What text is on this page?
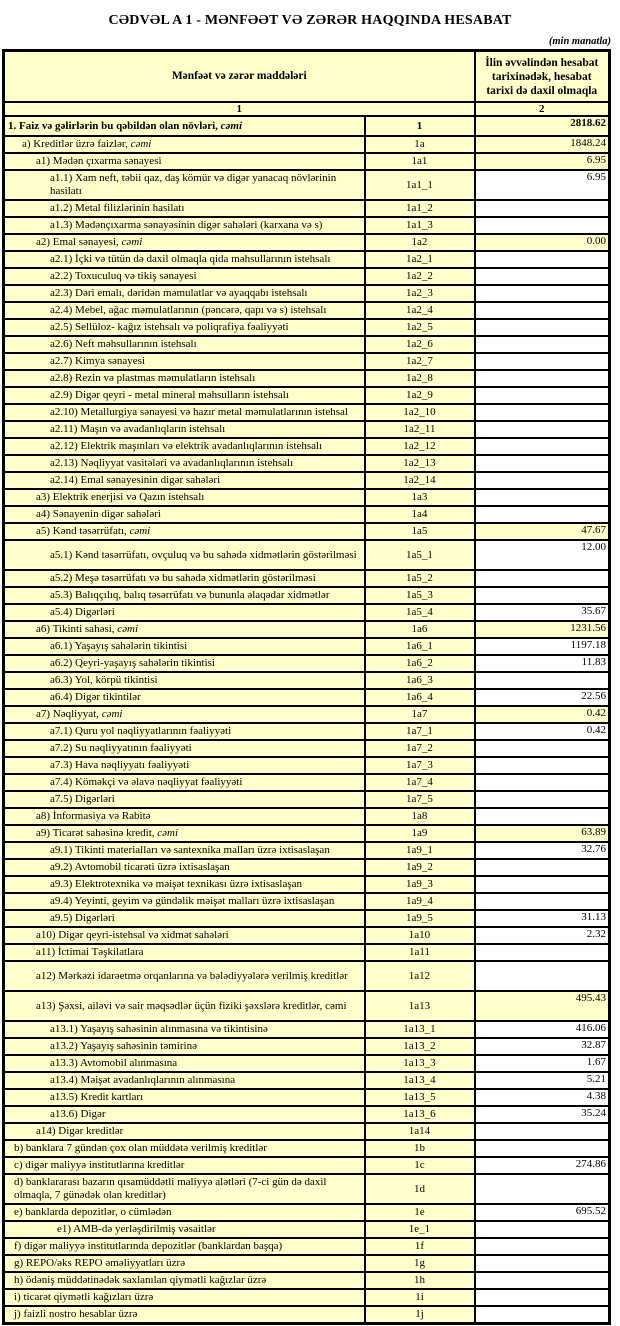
CƏDVƏL A 1 - MƏNFƏƏT VƏ ZƏRƏR HAQQINDA HESABAT
(min manatla)
Mənfəət və zərər maddələri		İlin əvvəlindən hesabat tarixinədək, hesabat tarixi də daxil olmaqla
1		2
1. Faiz və gəlirlərin bu qəbildən olan növləri, cəmi	1	2818.62
a) Kreditlər üzrə faizlər, cəmi	1a	1848.24
a1) Mədən çıxarma sənayesi	1a1	6.95
a1.1) Xam neft, təbii qaz, daş kömür və digər yanacaq növlərinin hasilatı	1a1_1	6.95
a1.2) Metal filizlərinin hasilatı	1a1_2	
a1.3) Mədənçıxarma sənayəsinin digər sahələri (karxana və s)	1a1_3	
a2) Emal sənayesi, cəmi	1a2	0.00
a2.1) İçki və tütün də daxil olmaqla qida məhsullarının istehsalı	1a2_1	
a2.2) Toxuculuq və tikiş sənayesi	1a2_2	
a2.3) Dəri emalı, dəridən məmulatlar və ayaqqabı istehsalı	1a2_3	
a2.4) Mebel, ağac məmulatlarının (pəncərə, qapı və s) istehsalı	1a2_4	
a2.5) Sellüloz- kağız istehsalı və poliqrafiya fəaliyyəti	1a2_5	
a2.6) Neft məhsullarının istehsalı	1a2_6	
a2.7) Kimya sənayesi	1a2_7	
a2.8) Rezin və plastmas məmulatların istehsalı	1a2_8	
a2.9) Digər qeyri - metal mineral məhsulların istehsalı	1a2_9	
a2.10) Metallurgiya sənayesi və hazır metal məmulatlarının istehsal	1a2_10	
a2.11) Maşın və avadanlıqların istehsalı	1a2_11	
a2.12) Elektrik maşınları və elektrik avadanlıqlarının istehsalı	1a2_12	
a2.13) Nəqliyyat vasitələri və avadanlıqlarının istehsalı	1a2_13	
a2.14) Emal sənayesinin digər sahələri	1a2_14	
a3) Elektrik enerjisi və Qazın istehsalı	1a3	
a4) Sənayenin digər sahələri	1a4	
a5) Kənd təsərrüfatı, cəmi	1a5	47.67
a5.1) Kənd təsərrüfatı, ovçuluq və bu sahədə xidmətlərin göstərilməsi	1a5_1	12.00
a5.2) Meşə təsərrüfatı və bu sahədə xidmətlərin göstərilməsi	1a5_2	
a5.3) Balıqçılıq, balıq təsərrüfatı və bununla əlaqədar xidmətlər	1a5_3	
a5.4) Digərləri	1a5_4	35.67
a6) Tikinti sahəsi, cəmi	1a6	1231.56
a6.1) Yaşayış sahələrin tikintisi	1a6_1	1197.18
a6.2) Qeyri-yaşayış sahələrin tikintisi	1a6_2	11.83
a6.3) Yol, körpü tikintisi	1a6_3	
a6.4) Digər tikintilər	1a6_4	22.56
a7) Nəqliyyat, cəmi	1a7	0.42
a7.1) Quru yol nəqliyyatlarının fəaliyyəti	1a7_1	0.42
a7.2) Su nəqliyyatının fəaliyyəti	1a7_2	
a7.3) Hava nəqliyyatı fəaliyyəti	1a7_3	
a7.4) Köməkçi və əlavə nəqliyyat fəaliyyəti	1a7_4	
a7.5) Digərləri	1a7_5	
a8) İnformasiya və Rabitə	1a8	
a9) Ticarət sahəsinə kredit, cəmi	1a9	63.89
a9.1) Tikinti materialları və santexnika malları üzrə ixtisaslaşan	1a9_1	32.76
a9.2) Avtomobil ticarəti üzrə ixtisaslaşan	1a9_2	
a9.3) Elektrotexnika və məişət texnikası üzrə ixtisaslaşan	1a9_3	
a9.4) Yeyinti, geyim və gündəlik məişət malları üzrə ixtisaslaşan	1a9_4	
a9.5) Digərləri	1a9_5	31.13
a10) Digər qeyri-istehsal və xidmət sahələri	1a10	2.32
a11) İctimai Təşkilatlara	1a11	
a12) Mərkəzi idarəetmə orqanlarına və bələdiyyələrə verilmiş kreditlər	1a12	
a13) Şəxsi, ailəvi və sair məqsədlər üçün fiziki şəxslərə kreditlər, cəmi	1a13	495.43
a13.1) Yaşayış sahəsinin alınmasına və tikintisinə	1a13_1	416.06
a13.2) Yaşayış sahəsinin təmirinə	1a13_2	32.87
a13.3) Avtomobil alınmasına	1a13_3	1.67
a13.4) Məişət avadanlıqlarının alınmasına	1a13_4	5.21
a13.5) Kredit kartları	1a13_5	4.38
a13.6) Digər	1a13_6	35.24
a14) Digər kreditlər	1a14	
b) banklara 7 gündən çox olan müddətə verilmiş kreditlər	1b	
c) digər maliyyə institutlarına kreditlər	1c	274.86
d) banklararası bazarın qısamüddətli maliyyə alətləri (7-ci gün də daxil olmaqla, 7 günədək olan kreditlər)	1d	
e) banklarda depozitlər, o cümlədən	1e	695.52
e1) AMB-də yerləşdirilmiş vəsaitlər	1e_1	
f) digər maliyyə institutlarında depozitlər (banklardan başqa)	1f	
g) REPO/əks REPO əməliyyatları üzrə	1g	
h) ödəniş müddətinədək saxlanılan qiymətli kağızlar üzrə	1h	
i) ticarət qiymətli kağızları üzrə	1i	
j) faizli nostro hesablar üzrə	1j	
